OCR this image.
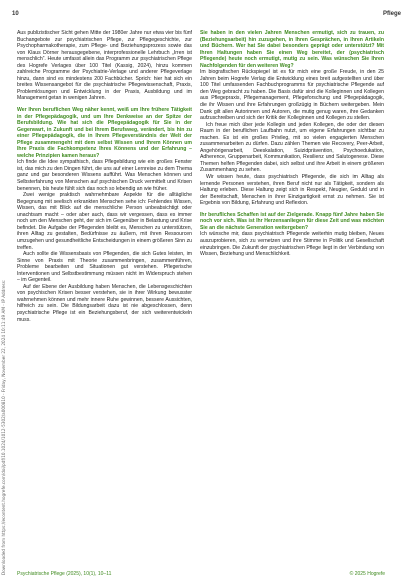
Downloaded from https://econtent.hogrefe.com/doi/pdf/10.1024/1012-5302/a000810 - Friday, November 22, 2024 10:11:49 AM - IP Address:
10	Pflege

Aus publizistischer Sicht gehen Mitte der 1980er Jahre nur etwa vier bis fünf Buchangebote zur psychiatrischen Pflege, zur Pflegegeschichte, zur Psychopharmakotherapie, zum Pflege- und Beziehungsprozess sowie das von Klaus Dörner herausgegebene, interprofessionelle Lehrbuch „Irren ist menschlich“. Heute umfasst allein das Programm zur psychiatrischen Pflege des Hogrefe Verlages über 100 Titel (Kassig, 2024), hinzu kommen zahlreiche Programme der Psychiatrie-Verlage und anderer Pflegeverlage hinzu, dann sind es mindestens 200 Fachbücher. Sprich: hier hat sich ein breites Wissensangebot für die psychiatrische Pflegewissenschaft, Praxis, Problemlösungen und Entwicklung in der Praxis, Ausbildung und im Management getan in wenigen Jahren.

Wer Ihren beruflichen Weg näher kennt, weiß um Ihre frühere Tätigkeit in der Pflegepädagogik, und um Ihre Denkweise an der Spitze der Berufsbildung. Wie hat sich die Pflegepädagogik für Sie in der Gegenwart, in Zukunft und bei Ihrem Berufsweg, verändert, bis hin zu einer Pflegepädagogik, die in Ihrem Pflegeverständnis der Welt der Pflege zusammengeht mit dem selbst Wissen und Ihrem Können um Ihre Praxis die Fachkompetenz Ihres Könnens und der Erfahrung – welche Prinzipien kamen heraus?

Ich finde die Idee sympathisch, dass Pflegebildung wie ein großes Fenster ist, das mich zu den Dingen führt, die uns auf einer Lernreise zu dem Thema ganz und gar besonderen Wissens aufführt. Was Menschen können und Selbsterfahrung von Menschen auf psychischen Druck vermittelt und Krisen benennen, bis heute fühlt sich das noch so lebendig an wie früher.

Zwei wenige praktisch wahrnehmbare Aspekte für die alltägliche Begegnung mit seelisch erkrankten Menschen sehe ich: Fehlendes Wissen, Wissen, das mit Blick auf die menschliche Person unbeabsichtigt oder unachtsam macht – oder aber auch, dass wir vergessen, dass es immer noch um den Menschen geht, der sich im Gegenüber in Belastung und Krise befindet. Die Aufgabe der Pflegenden bleibt es, Menschen zu unterstützen, ihren Alltag zu gestalten, Bedürfnisse zu äußern, mit ihren Ressourcen umzugehen und gesundheitliche Entscheidungen in einem größeren Sinn zu treffen.

Auch sollte die Wissensbasis von Pflegenden, die sich Gutes leisten, im Sinne von Praxis mit Theorie zusammenbringen, zusammenführen, Probleme bearbeiten und Situationen gut verstehen. Pflegerische Interventionen und Selbstbestimmung müssen nicht im Widerspruch stehen – im Gegenteil.

Auf der Ebene der Ausbildung haben Menschen, die Lebensgeschichten von psychischen Krisen besser verstehen, sie in ihrer Wirkung bewusster wahrnehmen können und mehr innere Ruhe gewinnen, bessere Aussichten, hilfreich zu sein. Die Bildungsarbeit dazu ist nie abgeschlossen, denn psychiatrische Pflege ist ein Beziehungsberuf, der sich weiterentwickeln muss.

Sie haben in den vielen Jahren Menschen ermutigt, sich zu trauen, zu (Beziehungsarbeit) hin zuzugehen, in Ihren Gesprächen, in Ihren Artikeln und Büchern. Wer hat Sie dabei besonders geprägt oder unterstützt? Mit Ihren Haltungen haben Sie einen Weg bereitet, der (psychiatrisch Pflegende) heute noch ermutigt, mutig zu sein. Was wünschen Sie Ihren Nachfolgenden für den weiteren Weg?

Im biografischen Rückspiegel ist es für mich eine große Freude, in den 25 Jahren beim Hogrefe Verlag die Entwicklung eines breit aufgestellten und über 100 Titel umfassenden Fachbuchprogramms für psychiatrische Pflegende auf den Weg gebracht zu haben. Die Basis dafür sind die Kolleginnen und Kollegen aus Pflegepraxis, Pflegemanagement, Pflegeforschung und Pflegepädagogik, die ihr Wissen und ihre Erfahrungen großzügig in Büchern weitergeben. Mein Dank gilt allen Autorinnen und Autoren, die mutig genug waren, ihre Gedanken aufzuschreiben und sich der Kritik der Kolleginnen und Kollegen zu stellen.

Ich freue mich über jede Kollegin und jeden Kollegen, die oder der diesen Raum in der beruflichen Laufbahn nutzt, um eigene Erfahrungen sichtbar zu machen. Es ist ein großes Privileg, mit so vielen engagierten Menschen zusammenarbeiten zu dürfen. Dazu zählen Themen wie Recovery, Peer-Arbeit, Angehörigenarbeit, Deeskalation, Suizidprävention, Psychoedukation, Adherence, Gruppenarbeit, Kommunikation, Resilienz und Salutogenese. Diese Themen helfen Pflegenden dabei, sich selbst und ihre Arbeit in einem größeren Zusammenhang zu sehen.

Wir wissen heute, dass psychiatrisch Pflegende, die sich im Alltag als lernende Personen verstehen, ihren Beruf nicht nur als Tätigkeit, sondern als Haltung erleben. Diese Haltung zeigt sich in Respekt, Neugier, Geduld und in der Bereitschaft, Menschen in ihrer Einzigartigkeit ernst zu nehmen. Sie ist Ergebnis von Bildung, Erfahrung und Reflexion.

Ihr berufliches Schaffen ist auf der Zielgerade. Knapp fünf Jahre haben Sie noch vor sich. Was ist Ihr Herzensanliegen für diese Zeit und was möchten Sie an die nächste Generation weitergeben?

Ich wünsche mir, dass psychiatrisch Pflegende weiterhin mutig bleiben, Neues auszuprobieren, sich zu vernetzen und ihre Stimme in Politik und Gesellschaft einzubringen. Die Zukunft der psychiatrischen Pflege liegt in der Verbindung von Wissen, Beziehung und Menschlichkeit.

Psychiatrische Pflege (2025), 10(1), 10–11	© 2025 Hogrefe
